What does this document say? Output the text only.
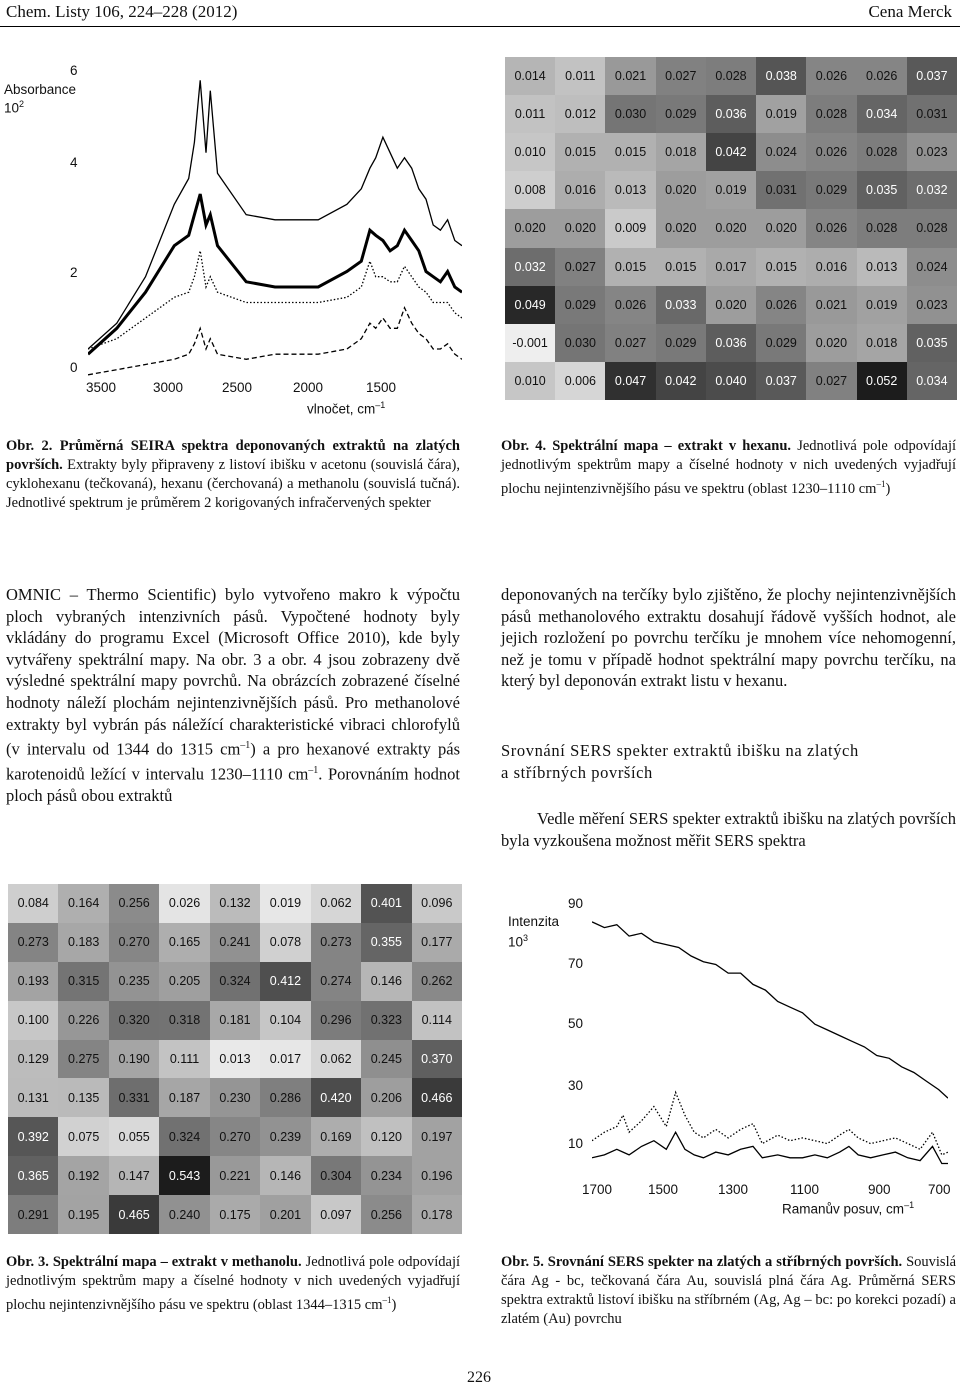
Chem. Listy 106, 224–228 (2012)	Cena Merck
Absorbance
$10^2$
6
4
2
0
3500	3000	2500	2000	1500
vlnočet, $cm^{-1}$
Obr. 2. Průměrná SEIRA spektra deponovaných extraktů na zlatých površích. Extrakty byly připraveny z listoví ibišku v acetonu (souvislá čára), cyklohexanu (tečkovaná), hexanu (čerchovaná) a methanolu (souvislá tučná). Jednotlivé spektrum je průměrem 2 korigovaných infračervených spekter
0.014	0.011	0.021	0.027	0.028	0.038	0.026	0.026	0.037
0.011	0.012	0.030	0.029	0.036	0.019	0.028	0.034	0.031
0.010	0.015	0.015	0.018	0.042	0.024	0.026	0.028	0.023
0.008	0.016	0.013	0.020	0.019	0.031	0.029	0.035	0.032
0.020	0.020	0.009	0.020	0.020	0.020	0.026	0.028	0.028
0.032	0.027	0.015	0.015	0.017	0.015	0.016	0.013	0.024
0.049	0.029	0.026	0.033	0.020	0.026	0.021	0.019	0.023
-0.001	0.030	0.027	0.029	0.036	0.029	0.020	0.018	0.035
0.010	0.006	0.047	0.042	0.040	0.037	0.027	0.052	0.034
Obr. 4. Spektrální mapa – extrakt v hexanu. Jednotlivá pole odpovídají jednotlivým spektrům mapy a číselné hodnoty v nich uvedených vyjadřují plochu nejintenzivnějšího pásu ve spektru (oblast 1230–1110 $cm^{-1}$)
OMNIC – Thermo Scientific) bylo vytvořeno makro k výpočtu ploch vybraných intenzivních pásů. Vypočtené hodnoty byly vkládány do programu Excel (Microsoft Office 2010), kde byly vytvářeny spektrální mapy. Na obr. 3 a obr. 4 jsou zobrazeny dvě výsledné spektrální mapy povrchů. Na obrázcích zobrazené číselné hodnoty náleží plochám nejintenzivnějších pásů. Pro methanolové extrakty byl vybrán pás náležící charakteristické vibraci chlorofylů (v intervalu od 1344 do 1315 $cm^{-1}$) a pro hexanové extrakty pás karotenoidů ležící v intervalu 1230–1110 $cm^{-1}$. Porovnáním hodnot ploch pásů obou extraktů
deponovaných na terčíky bylo zjištěno, že plochy nejintenzivnějších pásů methanolového extraktu dosahují řádově vyšších hodnot, ale jejich rozložení po povrchu terčíku je mnohem více nehomogenní, než je tomu v případě hodnot spektrální mapy povrchu terčíku, na který byl deponován extrakt listu v hexanu.
Srovnání SERS spekter extraktů ibišku na zlatých
a stříbrných površích
Vedle měření SERS spekter extraktů ibišku na zlatých površích byla vyzkoušena možnost měřit SERS spektra
0.084	0.164	0.256	0.026	0.132	0.019	0.062	0.401	0.096
0.273	0.183	0.270	0.165	0.241	0.078	0.273	0.355	0.177
0.193	0.315	0.235	0.205	0.324	0.412	0.274	0.146	0.262
0.100	0.226	0.320	0.318	0.181	0.104	0.296	0.323	0.114
0.129	0.275	0.190	0.111	0.013	0.017	0.062	0.245	0.370
0.131	0.135	0.331	0.187	0.230	0.286	0.420	0.206	0.466
0.392	0.075	0.055	0.324	0.270	0.239	0.169	0.120	0.197
0.365	0.192	0.147	0.543	0.221	0.146	0.304	0.234	0.196
0.291	0.195	0.465	0.240	0.175	0.201	0.097	0.256	0.178
Obr. 3. Spektrální mapa – extrakt v methanolu. Jednotlivá pole odpovídají jednotlivým spektrům mapy a číselné hodnoty v nich uvedených vyjadřují plochu nejintenzivnějšího pásu ve spektru (oblast 1344–1315 $cm^{-1}$)
Intenzita
$10^3$
90
70
50
30
10
1700	1500	1300	1100	900	700
Ramanův posuv, $cm^{-1}$
Obr. 5. Srovnání SERS spekter na zlatých a stříbrných površích. Souvislá čára Ag - bc, tečkovaná čára Au, souvislá plná čára Ag. Průměrná SERS spektra extraktů listoví ibišku na stříbrném (Ag, Ag – bc: po korekci pozadí) a zlatém (Au) povrchu
226
